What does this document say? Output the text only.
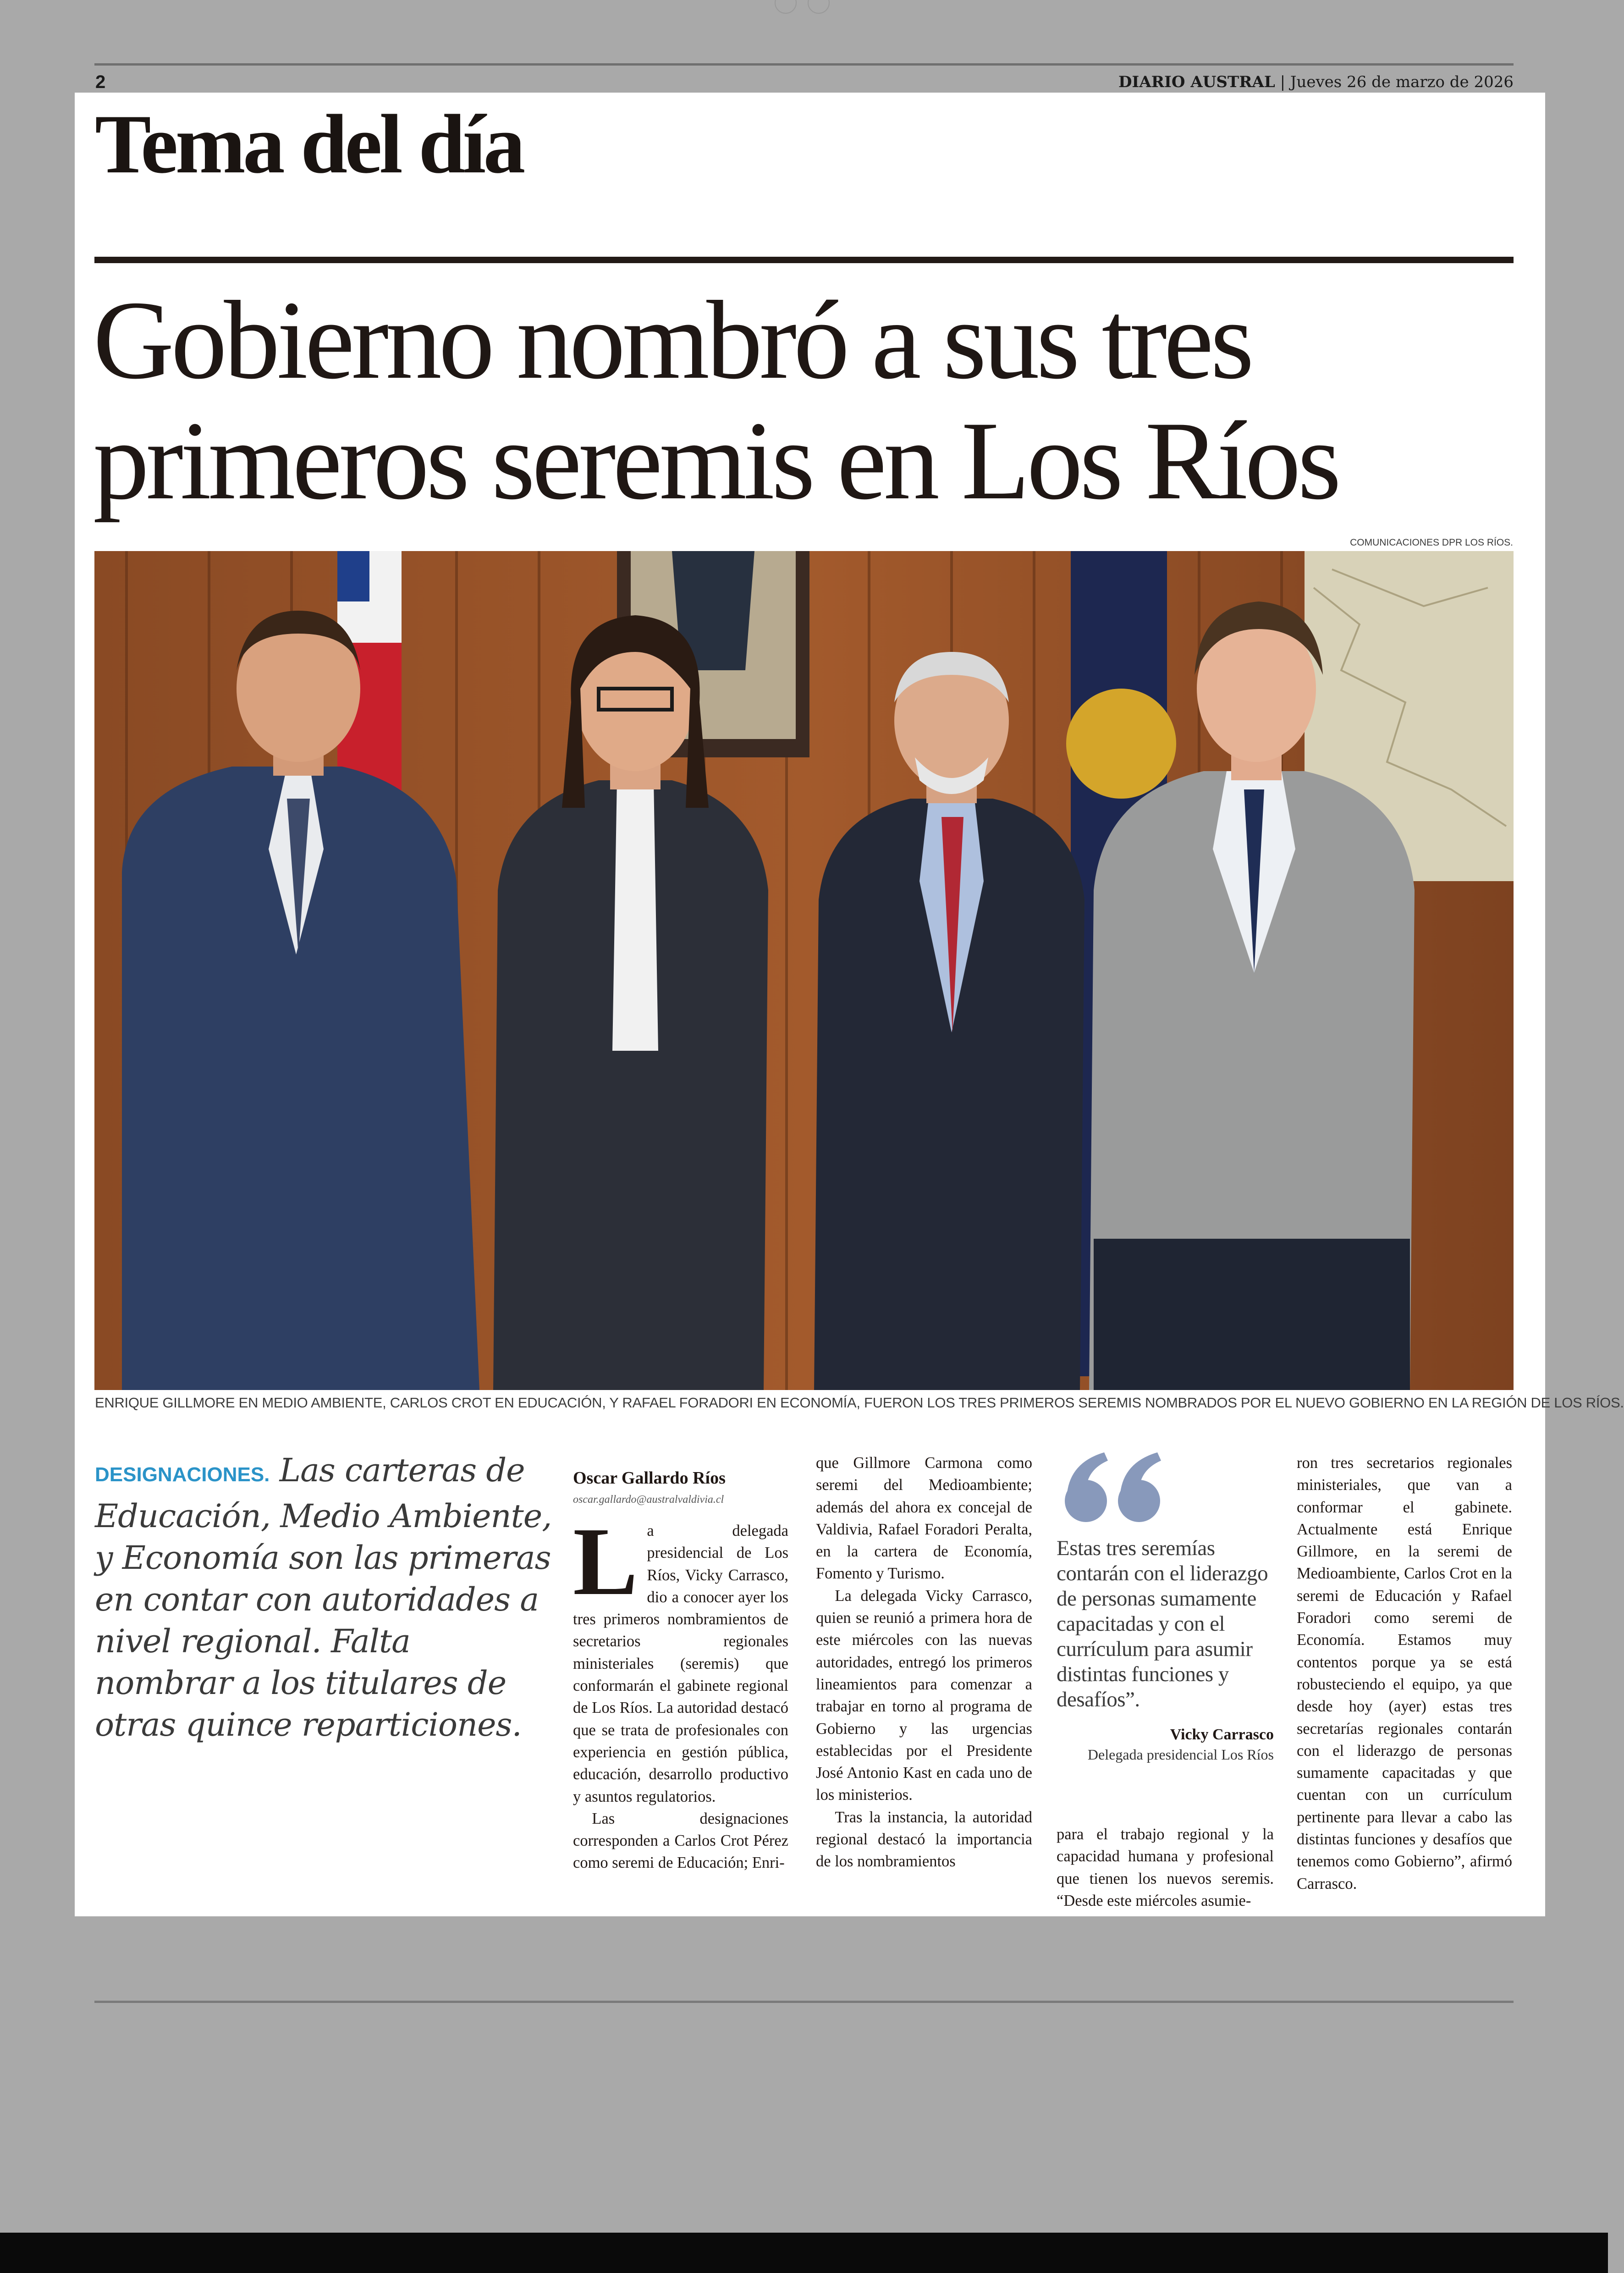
2	DIARIO AUSTRAL | Jueves 26 de marzo de 2026
Tema del día
Gobierno nombró a sus tres primeros seremis en Los Ríos
COMUNICACIONES DPR LOS RÍOS.
ENRIQUE GILLMORE EN MEDIO AMBIENTE, CARLOS CROT EN EDUCACIÓN, Y RAFAEL FORADORI EN ECONOMÍA, FUERON LOS TRES PRIMEROS SEREMIS NOMBRADOS POR EL NUEVO GOBIERNO EN LA REGIÓN DE LOS RÍOS.
DESIGNACIONES. Las carteras de Educación, Medio Ambiente, y Economía son las primeras en contar con autoridades a nivel regional. Falta nombrar a los titulares de otras quince reparticiones.
Oscar Gallardo Ríos
oscar.gallardo@australvaldivia.cl

La delegada presidencial de Los Ríos, Vicky Carrasco, dio a conocer ayer los tres primeros nombramientos de secretarios regionales ministeriales (seremis) que conformarán el gabinete regional de Los Ríos. La autoridad destacó que se trata de profesionales con experiencia en gestión pública, educación, desarrollo productivo y asuntos regulatorios.

Las designaciones corresponden a Carlos Crot Pérez como seremi de Educación; Enri-

que Gillmore Carmona como seremi del Medioambiente; además del ahora ex concejal de Valdivia, Rafael Foradori Peralta, en la cartera de Economía, Fomento y Turismo.

La delegada Vicky Carrasco, quien se reunió a primera hora de este miércoles con las nuevas autoridades, entregó los primeros lineamientos para comenzar a trabajar en torno al programa de Gobierno y las urgencias establecidas por el Presidente José Antonio Kast en cada uno de los ministerios.

Tras la instancia, la autoridad regional destacó la importancia de los nombramientos

Estas tres seremías contarán con el liderazgo de personas sumamente capacitadas y con el currículum para asumir distintas funciones y desafíos”.
Vicky Carrasco
Delegada presidencial Los Ríos

para el trabajo regional y la capacidad humana y profesional que tienen los nuevos seremis. “Desde este miércoles asumie-

ron tres secretarios regionales ministeriales, que van a conformar el gabinete. Actualmente está Enrique Gillmore, en la seremi de Medioambiente, Carlos Crot en la seremi de Educación y Rafael Foradori como seremi de Economía. Estamos muy contentos porque ya se está robusteciendo el equipo, ya que desde hoy (ayer) estas tres secretarías regionales contarán con el liderazgo de personas sumamente capacitadas y que cuentan con un currículum pertinente para llevar a cabo las distintas funciones y desafíos que tenemos como Gobierno”, afirmó Carrasco.
